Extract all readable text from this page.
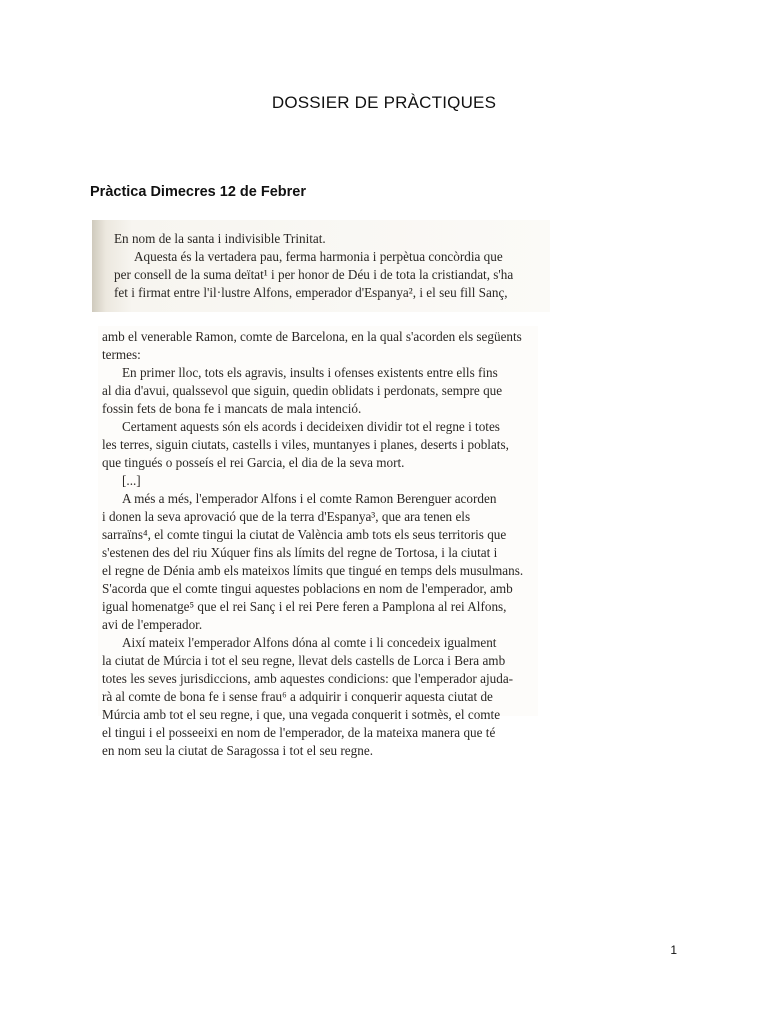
DOSSIER DE PRÀCTIQUES
Pràctica Dimecres 12 de Febrer
En nom de la santa i indivisible Trinitat.
Aquesta és la vertadera pau, ferma harmonia i perpètua concòrdia que
per consell de la suma deïtat¹ i per honor de Déu i de tota la cristiandat, s'ha
fet i firmat entre l'il·lustre Alfons, emperador d'Espanya², i el seu fill Sanç,
amb el venerable Ramon, comte de Barcelona, en la qual s'acorden els següents
termes:
En primer lloc, tots els agravis, insults i ofenses existents entre ells fins
al dia d'avui, qualssevol que siguin, quedin oblidats i perdonats, sempre que
fossin fets de bona fe i mancats de mala intenció.
Certament aquests són els acords i decideixen dividir tot el regne i totes
les terres, siguin ciutats, castells i viles, muntanyes i planes, deserts i poblats,
que tingués o posseís el rei Garcia, el dia de la seva mort.
[...]
A més a més, l'emperador Alfons i el comte Ramon Berenguer acorden
i donen la seva aprovació que de la terra d'Espanya³, que ara tenen els
sarraïns⁴, el comte tingui la ciutat de València amb tots els seus territoris que
s'estenen des del riu Xúquer fins als límits del regne de Tortosa, i la ciutat i
el regne de Dénia amb els mateixos límits que tingué en temps dels musulmans.
S'acorda que el comte tingui aquestes poblacions en nom de l'emperador, amb
igual homenatge⁵ que el rei Sanç i el rei Pere feren a Pamplona al rei Alfons,
avi de l'emperador.
Així mateix l'emperador Alfons dóna al comte i li concedeix igualment
la ciutat de Múrcia i tot el seu regne, llevat dels castells de Lorca i Bera amb
totes les seves jurisdiccions, amb aquestes condicions: que l'emperador ajuda-
rà al comte de bona fe i sense frau⁶ a adquirir i conquerir aquesta ciutat de
Múrcia amb tot el seu regne, i que, una vegada conquerit i sotmès, el comte
el tingui i el posseeixi en nom de l'emperador, de la mateixa manera que té
en nom seu la ciutat de Saragossa i tot el seu regne.
1
